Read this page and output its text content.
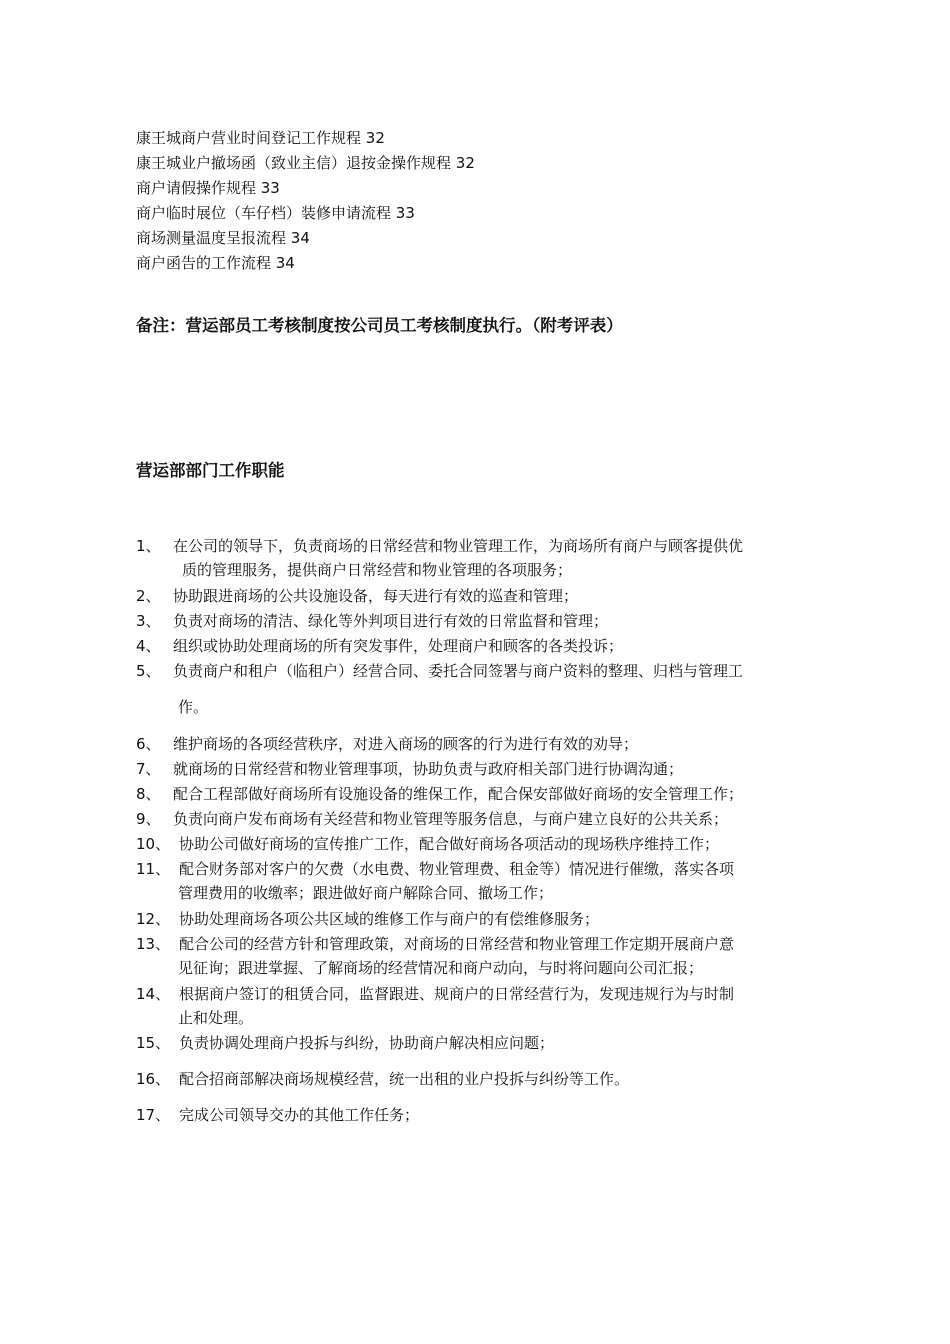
康王城商户营业时间登记工作规程 32
康王城业户撤场函（致业主信）退按金操作规程 32
商户请假操作规程 33
商户临时展位（车仔档）装修申请流程 33
商场测量温度呈报流程 34
商户函告的工作流程 34
备注：营运部员工考核制度按公司员工考核制度执行。（附考评表）
营运部部门工作职能
1、 在公司的领导下，负责商场的日常经营和物业管理工作，为商场所有商户与顾客提供优
质的管理服务，提供商户日常经营和物业管理的各项服务；
2、 协助跟进商场的公共设施设备，每天进行有效的巡查和管理；
3、 负责对商场的清洁、绿化等外判项目进行有效的日常监督和管理；
4、 组织或协助处理商场的所有突发事件，处理商户和顾客的各类投诉；
5、 负责商户和租户（临租户）经营合同、委托合同签署与商户资料的整理、归档与管理工
作。
6、 维护商场的各项经营秩序，对进入商场的顾客的行为进行有效的劝导；
7、 就商场的日常经营和物业管理事项，协助负责与政府相关部门进行协调沟通；
8、 配合工程部做好商场所有设施设备的维保工作，配合保安部做好商场的安全管理工作；
9、 负责向商户发布商场有关经营和物业管理等服务信息，与商户建立良好的公共关系；
10、 协助公司做好商场的宣传推广工作，配合做好商场各项活动的现场秩序维持工作；
11、 配合财务部对客户的欠费（水电费、物业管理费、租金等）情况进行催缴，落实各项
管理费用的收缴率；跟进做好商户解除合同、撤场工作；
12、 协助处理商场各项公共区域的维修工作与商户的有偿维修服务；
13、 配合公司的经营方针和管理政策，对商场的日常经营和物业管理工作定期开展商户意
见征询；跟进掌握、了解商场的经营情况和商户动向，与时将问题向公司汇报；
14、 根据商户签订的租赁合同，监督跟进、规商户的日常经营行为，发现违规行为与时制
止和处理。
15、 负责协调处理商户投拆与纠纷，协助商户解决相应问题；
16、 配合招商部解决商场规模经营，统一出租的业户投拆与纠纷等工作。
17、 完成公司领导交办的其他工作任务；
